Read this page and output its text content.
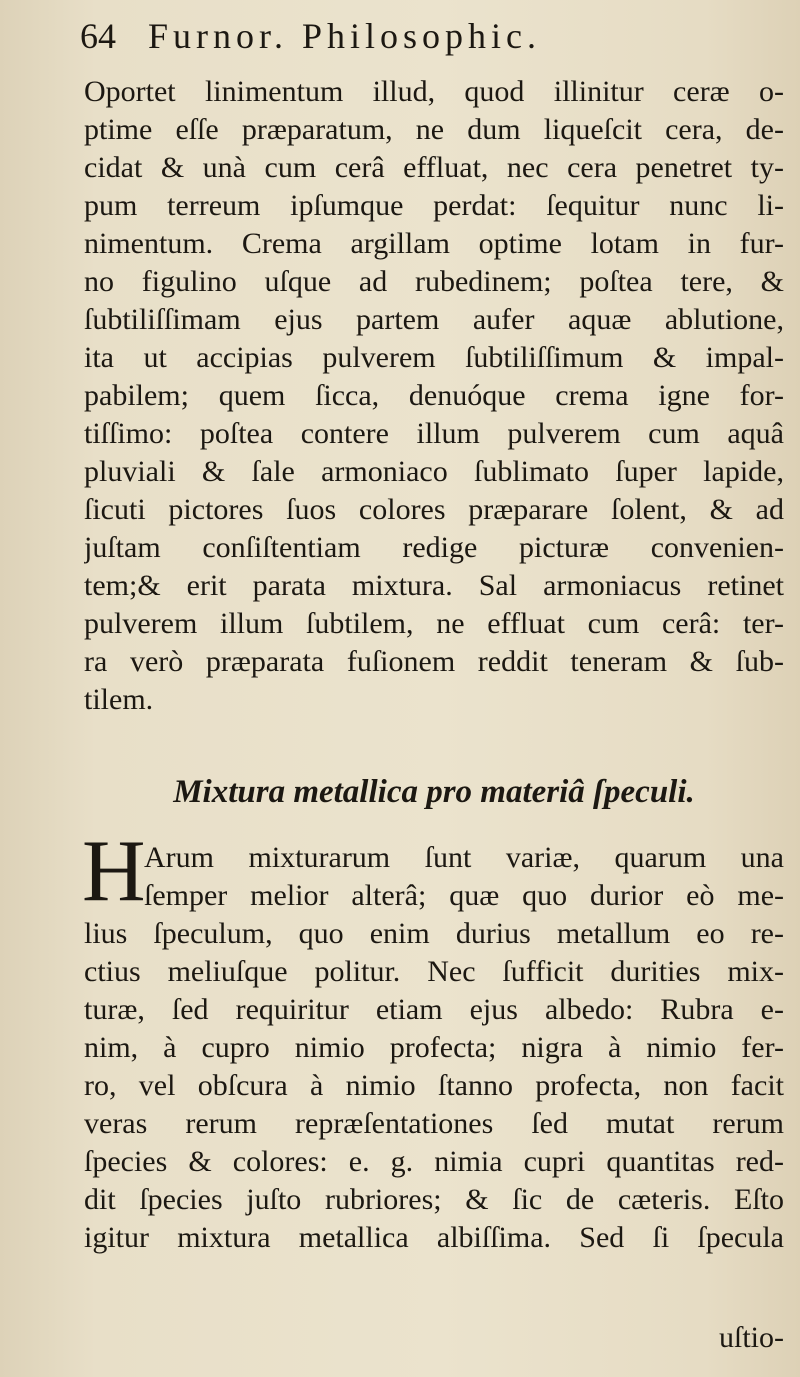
64 Furnor. Philosophic.
Oportet linimentum illud, quod illinitur ceræ o-
ptime eſſe præparatum, ne dum liqueſcit cera, de-
cidat & unà cum cerâ effluat, nec cera penetret ty-
pum terreum ipſumque perdat: ſequitur nunc li-
nimentum. Crema argillam optime lotam in fur-
no figulino uſque ad rubedinem; poſtea tere, &
ſubtiliſſimam ejus partem aufer aquæ ablutione,
ita ut accipias pulverem ſubtiliſſimum & impal-
pabilem; quem ſicca, denuóque crema igne for-
tiſſimo: poſtea contere illum pulverem cum aquâ
pluviali & ſale armoniaco ſublimato ſuper lapide,
ſicuti pictores ſuos colores præparare ſolent, & ad
juſtam conſiſtentiam redige picturæ convenien-
tem;& erit parata mixtura. Sal armoniacus retinet
pulverem illum ſubtilem, ne effluat cum cerâ: ter-
ra verò præparata fuſionem reddit teneram & ſub-
tilem.
Mixtura metallica pro materiâ ſpeculi.
H
Arum mixturarum ſunt variæ, quarum una
ſemper melior alterâ; quæ quo durior eò me-
lius ſpeculum, quo enim durius metallum eo re-
ctius meliuſque politur. Nec ſufficit durities mix-
turæ, ſed requiritur etiam ejus albedo: Rubra e-
nim, à cupro nimio profecta; nigra à nimio fer-
ro, vel obſcura à nimio ſtanno profecta, non facit
veras rerum repræſentationes ſed mutat rerum
ſpecies & colores: e. g. nimia cupri quantitas red-
dit ſpecies juſto rubriores; & ſic de cæteris. Eſto
igitur mixtura metallica albiſſima. Sed ſi ſpecula
uſtio-
